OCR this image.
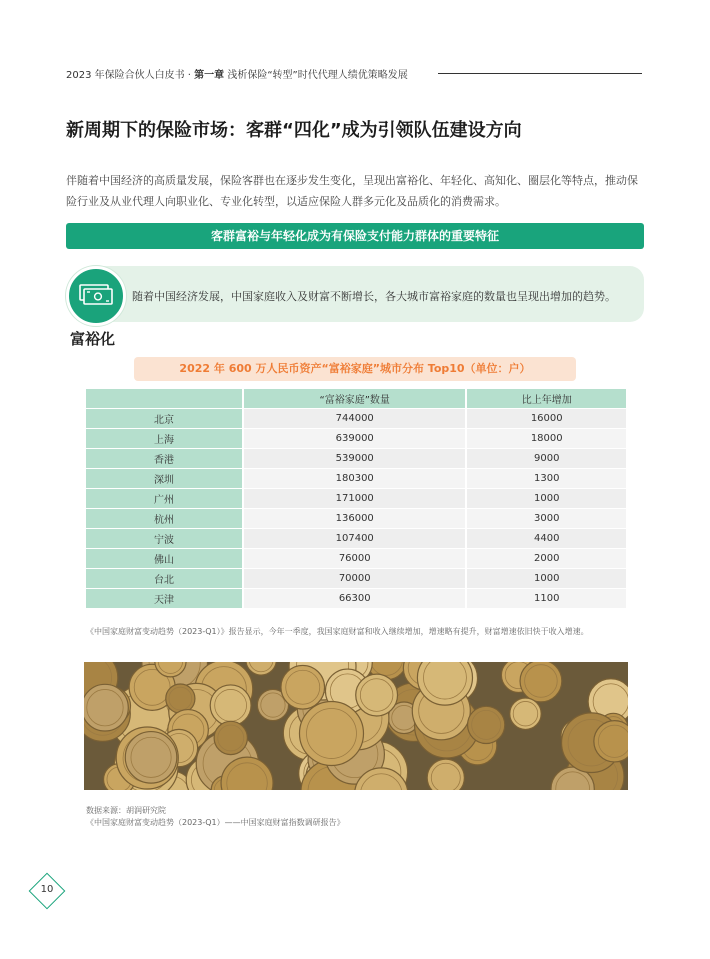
2023 年保险合伙人白皮书 · 第一章 浅析保险“转型”时代代理人绩优策略发展
新周期下的保险市场：客群“四化”成为引领队伍建设方向
伴随着中国经济的高质量发展，保险客群也在逐步发生变化，呈现出富裕化、年轻化、高知化、圈层化等特点，推动保险行业及从业代理人向职业化、专业化转型，以适应保险人群多元化及品质化的消费需求。
客群富裕与年轻化成为有保险支付能力群体的重要特征
随着中国经济发展，中国家庭收入及财富不断增长，各大城市富裕家庭的数量也呈现出增加的趋势。
富裕化
2022 年 600 万人民币资产“富裕家庭”城市分布 Top10（单位：户）
	“富裕家庭”数量	比上年增加
北京	744000	16000
上海	639000	18000
香港	539000	9000
深圳	180300	1300
广州	171000	1000
杭州	136000	3000
宁波	107400	4400
佛山	76000	2000
台北	70000	1000
天津	66300	1100
《中国家庭财富变动趋势（2023-Q1）》报告显示，今年一季度，我国家庭财富和收入继续增加，增速略有提升，财富增速依旧快于收入增速。
数据来源：胡润研究院
《中国家庭财富变动趋势（2023-Q1）——中国家庭财富指数调研报告》
10
